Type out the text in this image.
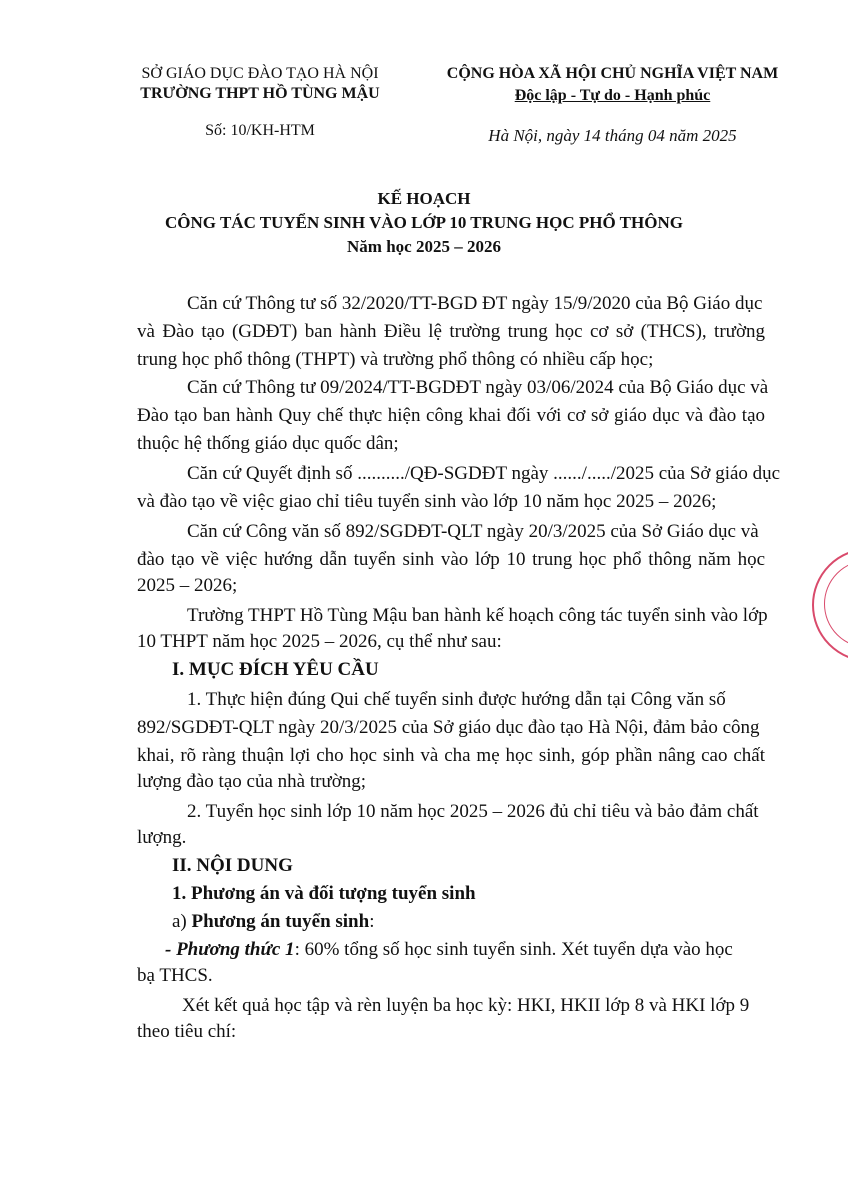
SỞ GIÁO DỤC ĐÀO TẠO HÀ NỘI
TRƯỜNG THPT HỒ TÙNG MẬU
Số: 10/KH-HTM
CỘNG HÒA XÃ HỘI CHỦ NGHĨA VIỆT NAM
Độc lập - Tự do - Hạnh phúc
Hà Nội, ngày 14 tháng 04 năm 2025
KẾ HOẠCH
CÔNG TÁC TUYỂN SINH VÀO LỚP 10 TRUNG HỌC PHỔ THÔNG
Năm học 2025 – 2026
Căn cứ Thông tư số 32/2020/TT-BGD ĐT ngày 15/9/2020 của Bộ Giáo dục
và Đào tạo (GDĐT) ban hành Điều lệ trường trung học cơ sở (THCS), trường
trung học phổ thông (THPT) và trường phổ thông có nhiều cấp học;
Căn cứ Thông tư 09/2024/TT-BGDĐT ngày 03/06/2024 của Bộ Giáo dục và
Đào tạo ban hành Quy chế thực hiện công khai đối với cơ sở giáo dục và đào tạo
thuộc hệ thống giáo dục quốc dân;
Căn cứ Quyết định số ........../QĐ-SGDĐT ngày ....../...../2025 của Sở giáo dục
và đào tạo về việc giao chỉ tiêu tuyển sinh vào lớp 10 năm học 2025 – 2026;
Căn cứ Công văn số 892/SGDĐT-QLT ngày 20/3/2025 của Sở Giáo dục và
đào tạo về việc hướng dẫn tuyển sinh vào lớp 10 trung học phổ thông năm học
2025 – 2026;
Trường THPT Hồ Tùng Mậu ban hành kế hoạch công tác tuyển sinh vào lớp
10 THPT năm học 2025 – 2026, cụ thể như sau:
I. MỤC ĐÍCH YÊU CẦU
1. Thực hiện đúng Qui chế tuyển sinh được hướng dẫn tại Công văn số
892/SGDĐT-QLT ngày 20/3/2025 của Sở giáo dục đào tạo Hà Nội, đảm bảo công
khai, rõ ràng thuận lợi cho học sinh và cha mẹ học sinh, góp phần nâng cao chất
lượng đào tạo của nhà trường;
2. Tuyển học sinh lớp 10 năm học 2025 – 2026 đủ chỉ tiêu và bảo đảm chất
lượng.
II. NỘI DUNG
1. Phương án và đối tượng tuyển sinh
a) Phương án tuyển sinh:
- Phương thức 1: 60% tổng số học sinh tuyển sinh. Xét tuyển dựa vào học
bạ THCS.
Xét kết quả học tập và rèn luyện ba học kỳ: HKI, HKII lớp 8 và HKI lớp 9
theo tiêu chí:
